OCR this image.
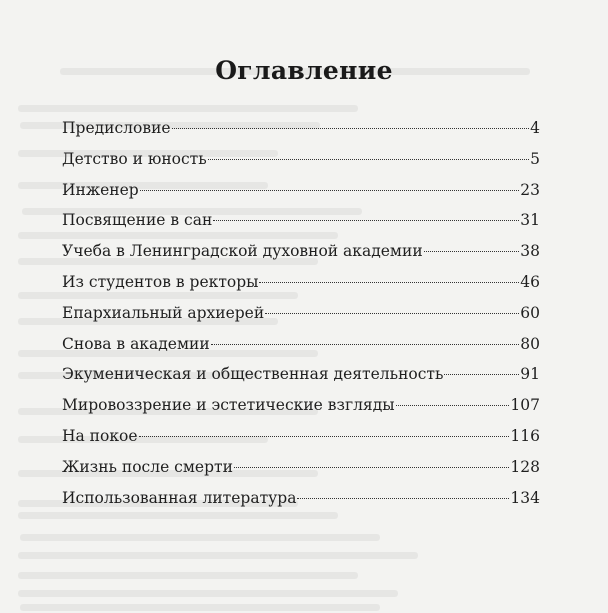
Оглавление
Предисловие	4
Детство и юность	5
Инженер	23
Посвящение в сан	31
Учеба в Ленинградской духовной академии	38
Из студентов в ректоры	46
Епархиальный архиерей	60
Снова в академии	80
Экуменическая и общественная деятельность	91
Мировоззрение и эстетические взгляды	107
На покое	116
Жизнь после смерти	128
Использованная литература	134
